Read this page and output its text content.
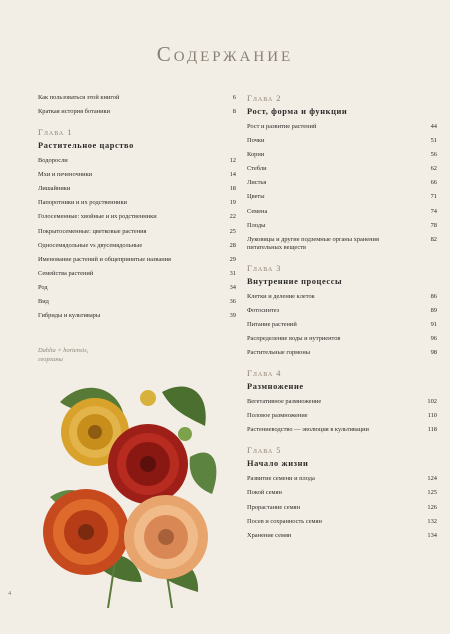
Содержание
Как пользоваться этой книгой	6
Краткая история ботаники	8
Глава 1
Растительное царство
Водоросли	12
Мхи и печеночники	14
Лишайники	18
Папоротники и их родственники	19
Голосеменные: хвойные и их родственники	22
Покрытосеменные: цветковые растения	25
Односемядольные vs двусемядольные	28
Именование растений и общепринятые названия	29
Семейства растений	31
Род	34
Вид	36
Гибриды и культивары	39
Dahlia × hortensis,
георгины
Глава 2
Рост, форма и функции
Рост и развитие растений	44
Почки	51
Корни	56
Стебли	62
Листья	66
Цветы	71
Семена	74
Плоды	78
Луковицы и другие подземные органы хранения питательных веществ
82
Глава 3
Внутренние процессы
Клетки и деление клеток	86
Фотосинтез	89
Питание растений	91
Распределение воды и нутриентов	96
Растительные гормоны	98
Глава 4
Размножение
Вегетативное размножение	102
Половое размножение	110
Растениеводство — эволюция в культивации	118
Глава 5
Начало жизни
Развитие семени и плода	124
Покой семян	125
Прорастание семян	126
Посев и сохранность семян	132
Хранение семян	134
4
